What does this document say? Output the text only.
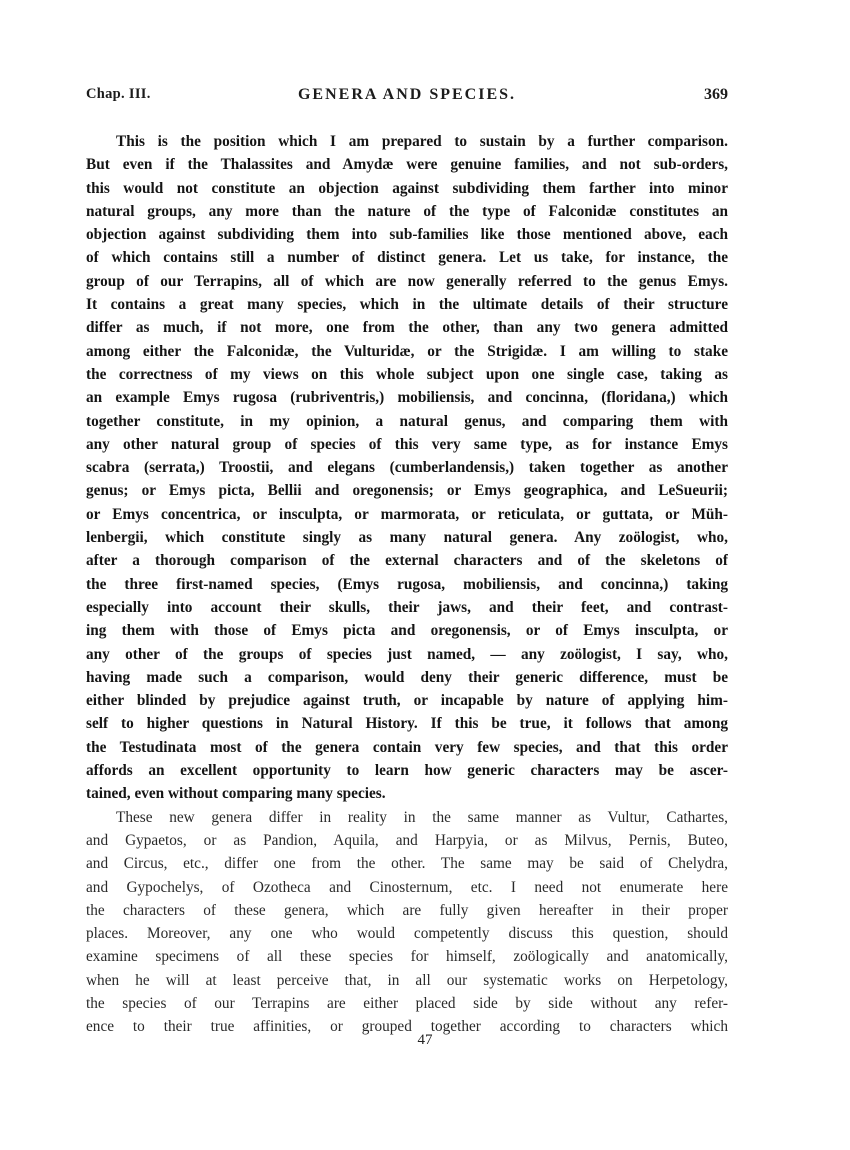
Chap. III.	GENERA AND SPECIES.	369
This is the position which I am prepared to sustain by a further comparison.
But even if the Thalassites and Amydæ were genuine families, and not sub-orders,
this would not constitute an objection against subdividing them farther into minor
natural groups, any more than the nature of the type of Falconidæ constitutes an
objection against subdividing them into sub-families like those mentioned above, each
of which contains still a number of distinct genera. Let us take, for instance, the
group of our Terrapins, all of which are now generally referred to the genus Emys.
It contains a great many species, which in the ultimate details of their structure
differ as much, if not more, one from the other, than any two genera admitted
among either the Falconidæ, the Vulturidæ, or the Strigidæ. I am willing to stake
the correctness of my views on this whole subject upon one single case, taking as
an example Emys rugosa (rubriventris,) mobiliensis, and concinna, (floridana,) which
together constitute, in my opinion, a natural genus, and comparing them with
any other natural group of species of this very same type, as for instance Emys
scabra (serrata,) Troostii, and elegans (cumberlandensis,) taken together as another
genus; or Emys picta, Bellii and oregonensis; or Emys geographica, and LeSueurii;
or Emys concentrica, or insculpta, or marmorata, or reticulata, or guttata, or Müh-
lenbergii, which constitute singly as many natural genera. Any zoölogist, who,
after a thorough comparison of the external characters and of the skeletons of
the three first-named species, (Emys rugosa, mobiliensis, and concinna,) taking
especially into account their skulls, their jaws, and their feet, and contrast-
ing them with those of Emys picta and oregonensis, or of Emys insculpta, or
any other of the groups of species just named, — any zoölogist, I say, who,
having made such a comparison, would deny their generic difference, must be
either blinded by prejudice against truth, or incapable by nature of applying him-
self to higher questions in Natural History. If this be true, it follows that among
the Testudinata most of the genera contain very few species, and that this order
affords an excellent opportunity to learn how generic characters may be ascer-
tained, even without comparing many species.
These new genera differ in reality in the same manner as Vultur, Cathartes,
and Gypaetos, or as Pandion, Aquila, and Harpyia, or as Milvus, Pernis, Buteo,
and Circus, etc., differ one from the other. The same may be said of Chelydra,
and Gypochelys, of Ozotheca and Cinosternum, etc. I need not enumerate here
the characters of these genera, which are fully given hereafter in their proper
places. Moreover, any one who would competently discuss this question, should
examine specimens of all these species for himself, zoölogically and anatomically,
when he will at least perceive that, in all our systematic works on Herpetology,
the species of our Terrapins are either placed side by side without any refer-
ence to their true affinities, or grouped together according to characters which
47
